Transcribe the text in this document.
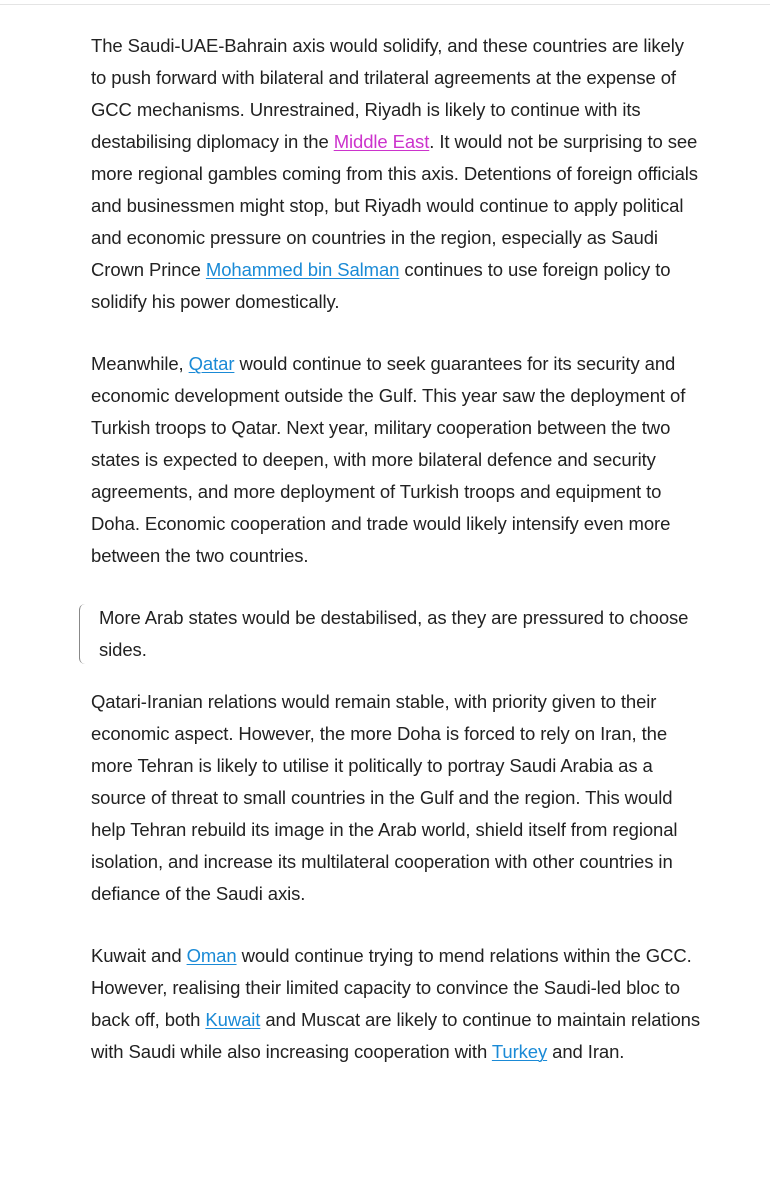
The Saudi-UAE-Bahrain axis would solidify, and these countries are likely to push forward with bilateral and trilateral agreements at the expense of GCC mechanisms. Unrestrained, Riyadh is likely to continue with its destabilising diplomacy in the Middle East. It would not be surprising to see more regional gambles coming from this axis. Detentions of foreign officials and businessmen might stop, but Riyadh would continue to apply political and economic pressure on countries in the region, especially as Saudi Crown Prince Mohammed bin Salman continues to use foreign policy to solidify his power domestically.

Meanwhile, Qatar would continue to seek guarantees for its security and economic development outside the Gulf. This year saw the deployment of Turkish troops to Qatar. Next year, military cooperation between the two states is expected to deepen, with more bilateral defence and security agreements, and more deployment of Turkish troops and equipment to Doha. Economic cooperation and trade would likely intensify even more between the two countries.

More Arab states would be destabilised, as they are pressured to choose sides.

Qatari-Iranian relations would remain stable, with priority given to their economic aspect. However, the more Doha is forced to rely on Iran, the more Tehran is likely to utilise it politically to portray Saudi Arabia as a source of threat to small countries in the Gulf and the region. This would help Tehran rebuild its image in the Arab world, shield itself from regional isolation, and increase its multilateral cooperation with other countries in defiance of the Saudi axis.

Kuwait and Oman would continue trying to mend relations within the GCC. However, realising their limited capacity to convince the Saudi-led bloc to back off, both Kuwait and Muscat are likely to continue to maintain relations with Saudi while also increasing cooperation with Turkey and Iran.
